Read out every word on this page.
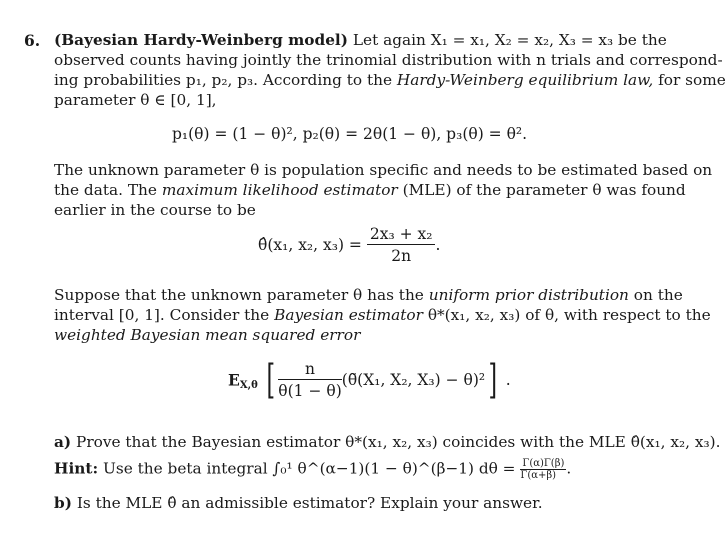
6. (Bayesian Hardy-Weinberg model) Let again X₁ = x₁, X₂ = x₂, X₃ = x₃ be the
observed counts having jointly the trinomial distribution with n trials and correspond-
ing probabilities p₁, p₂, p₃. According to the Hardy-Weinberg equilibrium law, for some
parameter θ ∈ [0, 1],
p₁(θ) = (1 − θ)², p₂(θ) = 2θ(1 − θ), p₃(θ) = θ².
The unknown parameter θ is population specific and needs to be estimated based on
the data. The maximum likelihood estimator (MLE) of the parameter θ was found
earlier in the course to be
θ̂(x₁, x₂, $x_3) = \frac{\text{2x₃ + x₂}}{2n}$ .
Suppose that the unknown parameter θ has the uniform prior distribution on the
interval [0, 1]. Consider the Bayesian estimator θ*(x₁, x₂, x₃) of θ, with respect to the
weighted Bayesian mean squared error
$E_{X,\theta}$ [ $\frac{n}{\theta(1 - \theta)}$ (θ̃(X₁, X₂, X₃) − θ)²] .
a) Prove that the Bayesian estimator θ*(x₁, x₂, x₃) coincides with the MLE θ̂(x₁, x₂, x₃).
Hint: Use the beta integral ∫₀¹ θ^(α−1)(1 − θ)^(β−1) $d\theta = \frac{\Gamma(\alpha)\Gamma(\beta)}{\Gamma(\alpha+\beta)}$ .
b) Is the MLE θ̂ an admissible estimator? Explain your answer.
